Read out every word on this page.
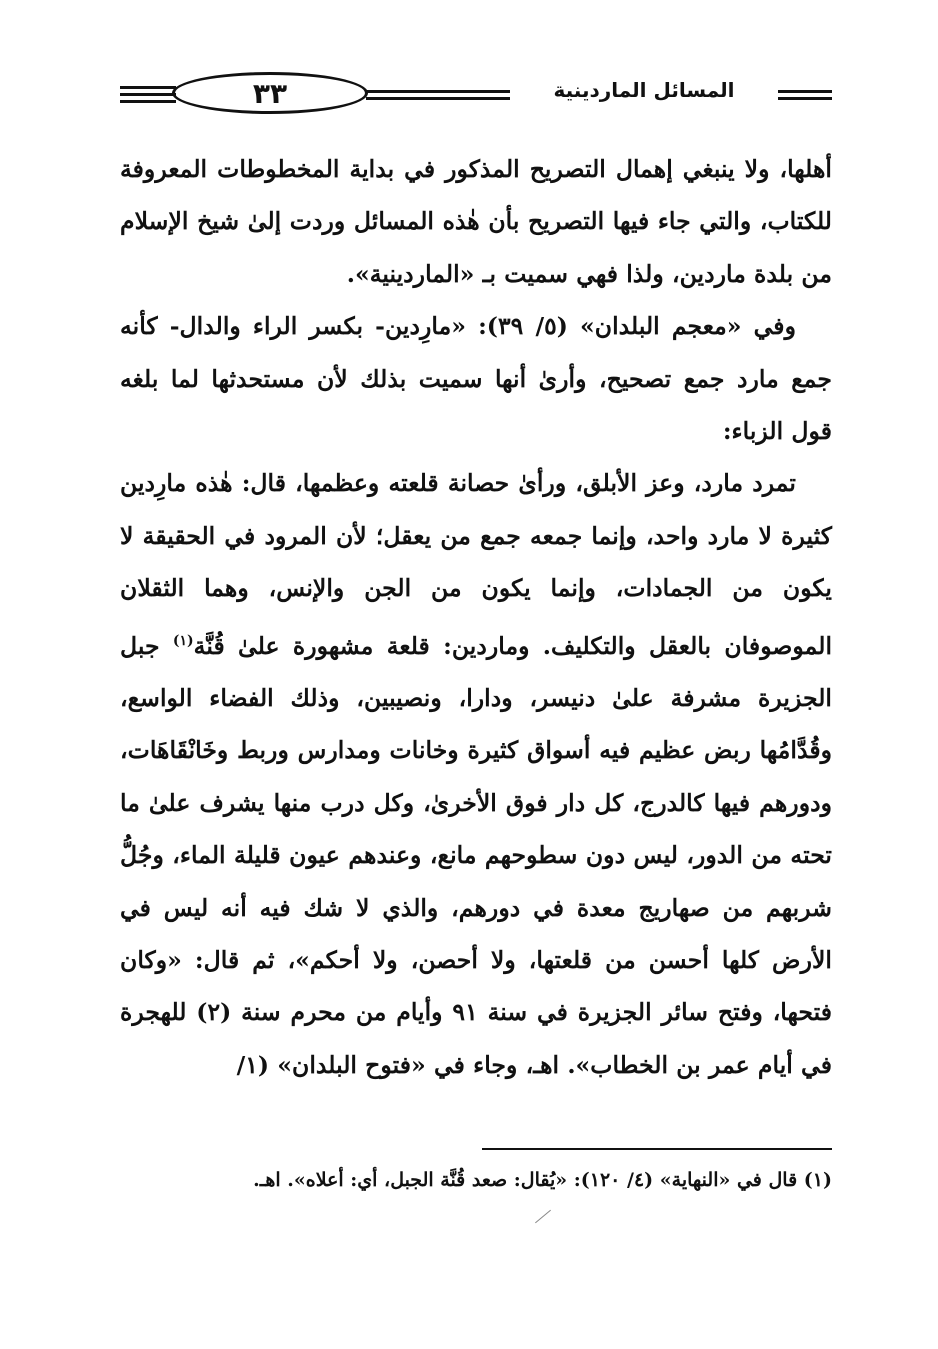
٣٣	المسائل الماردينية

أهلها، ولا ينبغي إهمال التصريح المذكور في بداية المخطوطات المعروفة للكتاب، والتي جاء فيها التصريح بأن هٰذه المسائل وردت إلىٰ شيخ الإسلام من بلدة ماردين، ولذا فهي سميت بـ «الماردينية».

وفي «معجم البلدان» (٥/ ٣٩): «مارِدين- بكسر الراء والدال- كأنه جمع مارد جمع تصحيح، وأرىٰ أنها سميت بذلك لأن مستحدثها لما بلغه قول الزباء:

تمرد مارد، وعز الأبلق، ورأىٰ حصانة قلعته وعظمها، قال: هٰذه مارِدين كثيرة لا مارد واحد، وإنما جمعه جمع من يعقل؛ لأن المرود في الحقيقة لا يكون من الجمادات، وإنما يكون من الجن والإنس، وهما الثقلان الموصوفان بالعقل والتكليف. وماردين: قلعة مشهورة علىٰ قُنَّة$^{(١)}$ جبل الجزيرة مشرفة علىٰ دنيسر، ودارا، ونصيبين، وذلك الفضاء الواسع، وقُدَّامُها ربض عظيم فيه أسواق كثيرة وخانات ومدارس وربط وخَانْقَاهَات، ودورهم فيها كالدرج، كل دار فوق الأخرىٰ، وكل درب منها يشرف علىٰ ما تحته من الدور، ليس دون سطوحهم مانع، وعندهم عيون قليلة الماء، وجُلُّ شربهم من صهاريج معدة في دورهم، والذي لا شك فيه أنه ليس في الأرض كلها أحسن من قلعتها، ولا أحصن، ولا أحكم»، ثم قال: «وكان فتحها، وفتح سائر الجزيرة في سنة ٩١ وأيام من محرم سنة (٢) للهجرة في أيام عمر بن الخطاب». اهـ، وجاء في «فتوح البلدان» (١/

(١) قال في «النهاية» (٤/ ١٢٠): «يُقال: صعد قُنَّة الجبل، أي: أعلاه». اهـ.
